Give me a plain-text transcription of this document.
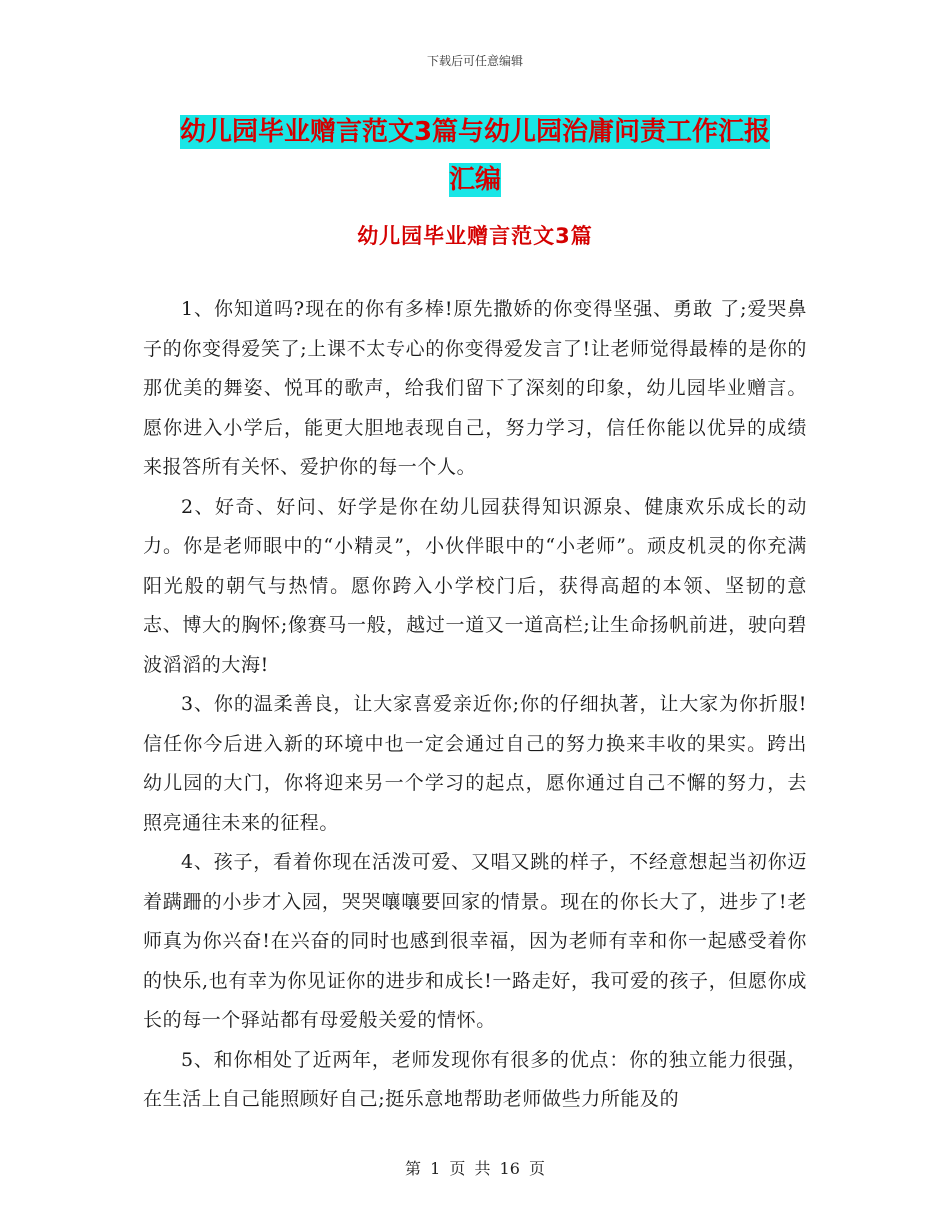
下载后可任意编辑
幼儿园毕业赠言范文3篇与幼儿园治庸问责工作汇报
汇编
幼儿园毕业赠言范文3篇

1、你知道吗?现在的你有多棒!原先撒娇的你变得坚强、勇敢 了;爱哭鼻子的你变得爱笑了;上课不太专心的你变得爱发言了!让老师觉得最棒的是你的那优美的舞姿、悦耳的歌声，给我们留下了深刻的印象，幼儿园毕业赠言。愿你进入小学后，能更大胆地表现自己，努力学习，信任你能以优异的成绩来报答所有关怀、爱护你的每一个人。

2、好奇、好问、好学是你在幼儿园获得知识源泉、健康欢乐成长的动力。你是老师眼中的“小精灵”，小伙伴眼中的“小老师”。顽皮机灵的你充满阳光般的朝气与热情。愿你跨入小学校门后，获得高超的本领、坚韧的意志、博大的胸怀;像赛马一般，越过一道又一道高栏;让生命扬帆前进，驶向碧波滔滔的大海!

3、你的温柔善良，让大家喜爱亲近你;你的仔细执著，让大家为你折服!信任你今后进入新的环境中也一定会通过自己的努力换来丰收的果实。跨出幼儿园的大门，你将迎来另一个学习的起点，愿你通过自己不懈的努力，去照亮通往未来的征程。

4、孩子，看着你现在活泼可爱、又唱又跳的样子，不经意想起当初你迈着蹒跚的小步才入园，哭哭嚷嚷要回家的情景。现在的你长大了，进步了!老师真为你兴奋!在兴奋的同时也感到很幸福，因为老师有幸和你一起感受着你的快乐,也有幸为你见证你的进步和成长!一路走好，我可爱的孩子，但愿你成长的每一个驿站都有母爱般关爱的情怀。

5、和你相处了近两年，老师发现你有很多的优点：你的独立能力很强，在生活上自己能照顾好自己;挺乐意地帮助老师做些力所能及的

第 1 页 共 16 页
